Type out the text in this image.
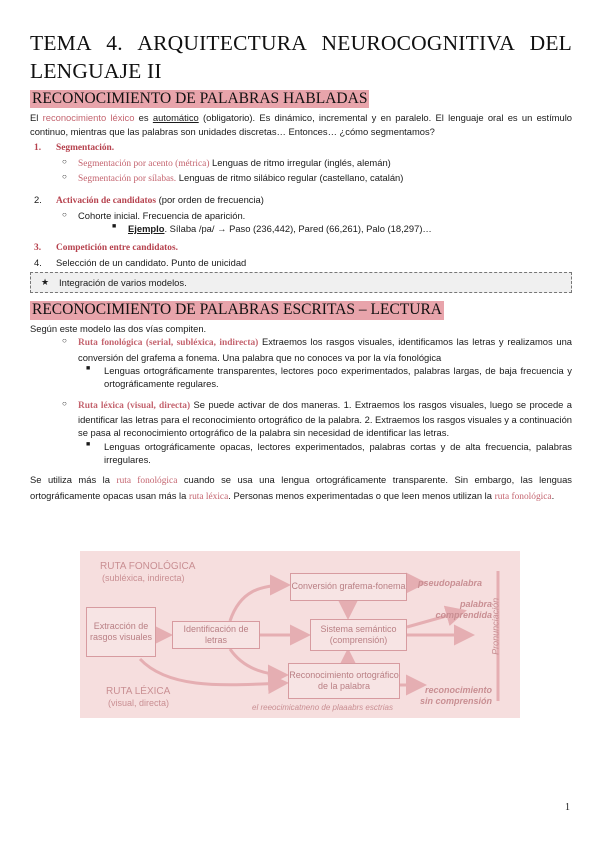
TEMA 4. ARQUITECTURA NEUROCOGNITIVA DEL LENGUAJE II
RECONOCIMIENTO DE PALABRAS HABLADAS

El reconocimiento léxico es automático (obligatorio). Es dinámico, incremental y en paralelo. El lenguaje oral es un estímulo continuo, mientras que las palabras son unidades discretas… Entonces… ¿cómo segmentamos?

1.	Segmentación.
○	Segmentación por acento (métrica) Lenguas de ritmo irregular (inglés, alemán)
○	Segmentación por sílabas. Lenguas de ritmo silábico regular (castellano, catalán)
2.	Activación de candidatos (por orden de frecuencia)
○	Cohorte inicial. Frecuencia de aparición.
■	Ejemplo. Sílaba /pa/ → Paso (236,442), Pared (66,261), Palo (18,297)…
3.	Competición entre candidatos.
4.	Selección de un candidato. Punto de unicidad
★	Integración de varios modelos.
RECONOCIMIENTO DE PALABRAS ESCRITAS – LECTURA

Según este modelo las dos vías compiten.

○	Ruta fonológica (serial, subléxica, indirecta) Extraemos los rasgos visuales, identificamos las letras y realizamos una conversión del grafema a fonema. Una palabra que no conoces va por la vía fonológica
■	Lenguas ortográficamente transparentes, lectores poco experimentados, palabras largas, de baja frecuencia y ortográficamente regulares.
○	Ruta léxica (visual, directa) Se puede activar de dos maneras. 1. Extraemos los rasgos visuales, luego se procede a identificar las letras para el reconocimiento ortográfico de la palabra. 2. Extraemos los rasgos visuales y a continuación se pasa al reconocimiento ortográfico de la palabra sin necesidad de identificar las letras.
■	Lenguas ortográficamente opacas, lectores experimentados, palabras cortas y de alta frecuencia, palabras irregulares.

Se utiliza más la ruta fonológica cuando se usa una lengua ortográficamente transparente. Sin embargo, las lenguas ortográficamente opacas usan más la ruta léxica. Personas menos experimentadas o que leen menos utilizan la ruta fonológica.

RUTA FONOLÓGICA
(subléxica, indirecta)
Extracción de rasgos visuales
Identificación de letras
Conversión grafema-fonema
Sistema semántico (comprensión)
Reconocimiento ortográfico de la palabra
pseudopalabra
palabra comprendida
reconocimiento sin comprensión
RUTA LÉXICA
(visual, directa)	el reeocimicatneno de plaaabrs esctrias
Pronunciación
1
